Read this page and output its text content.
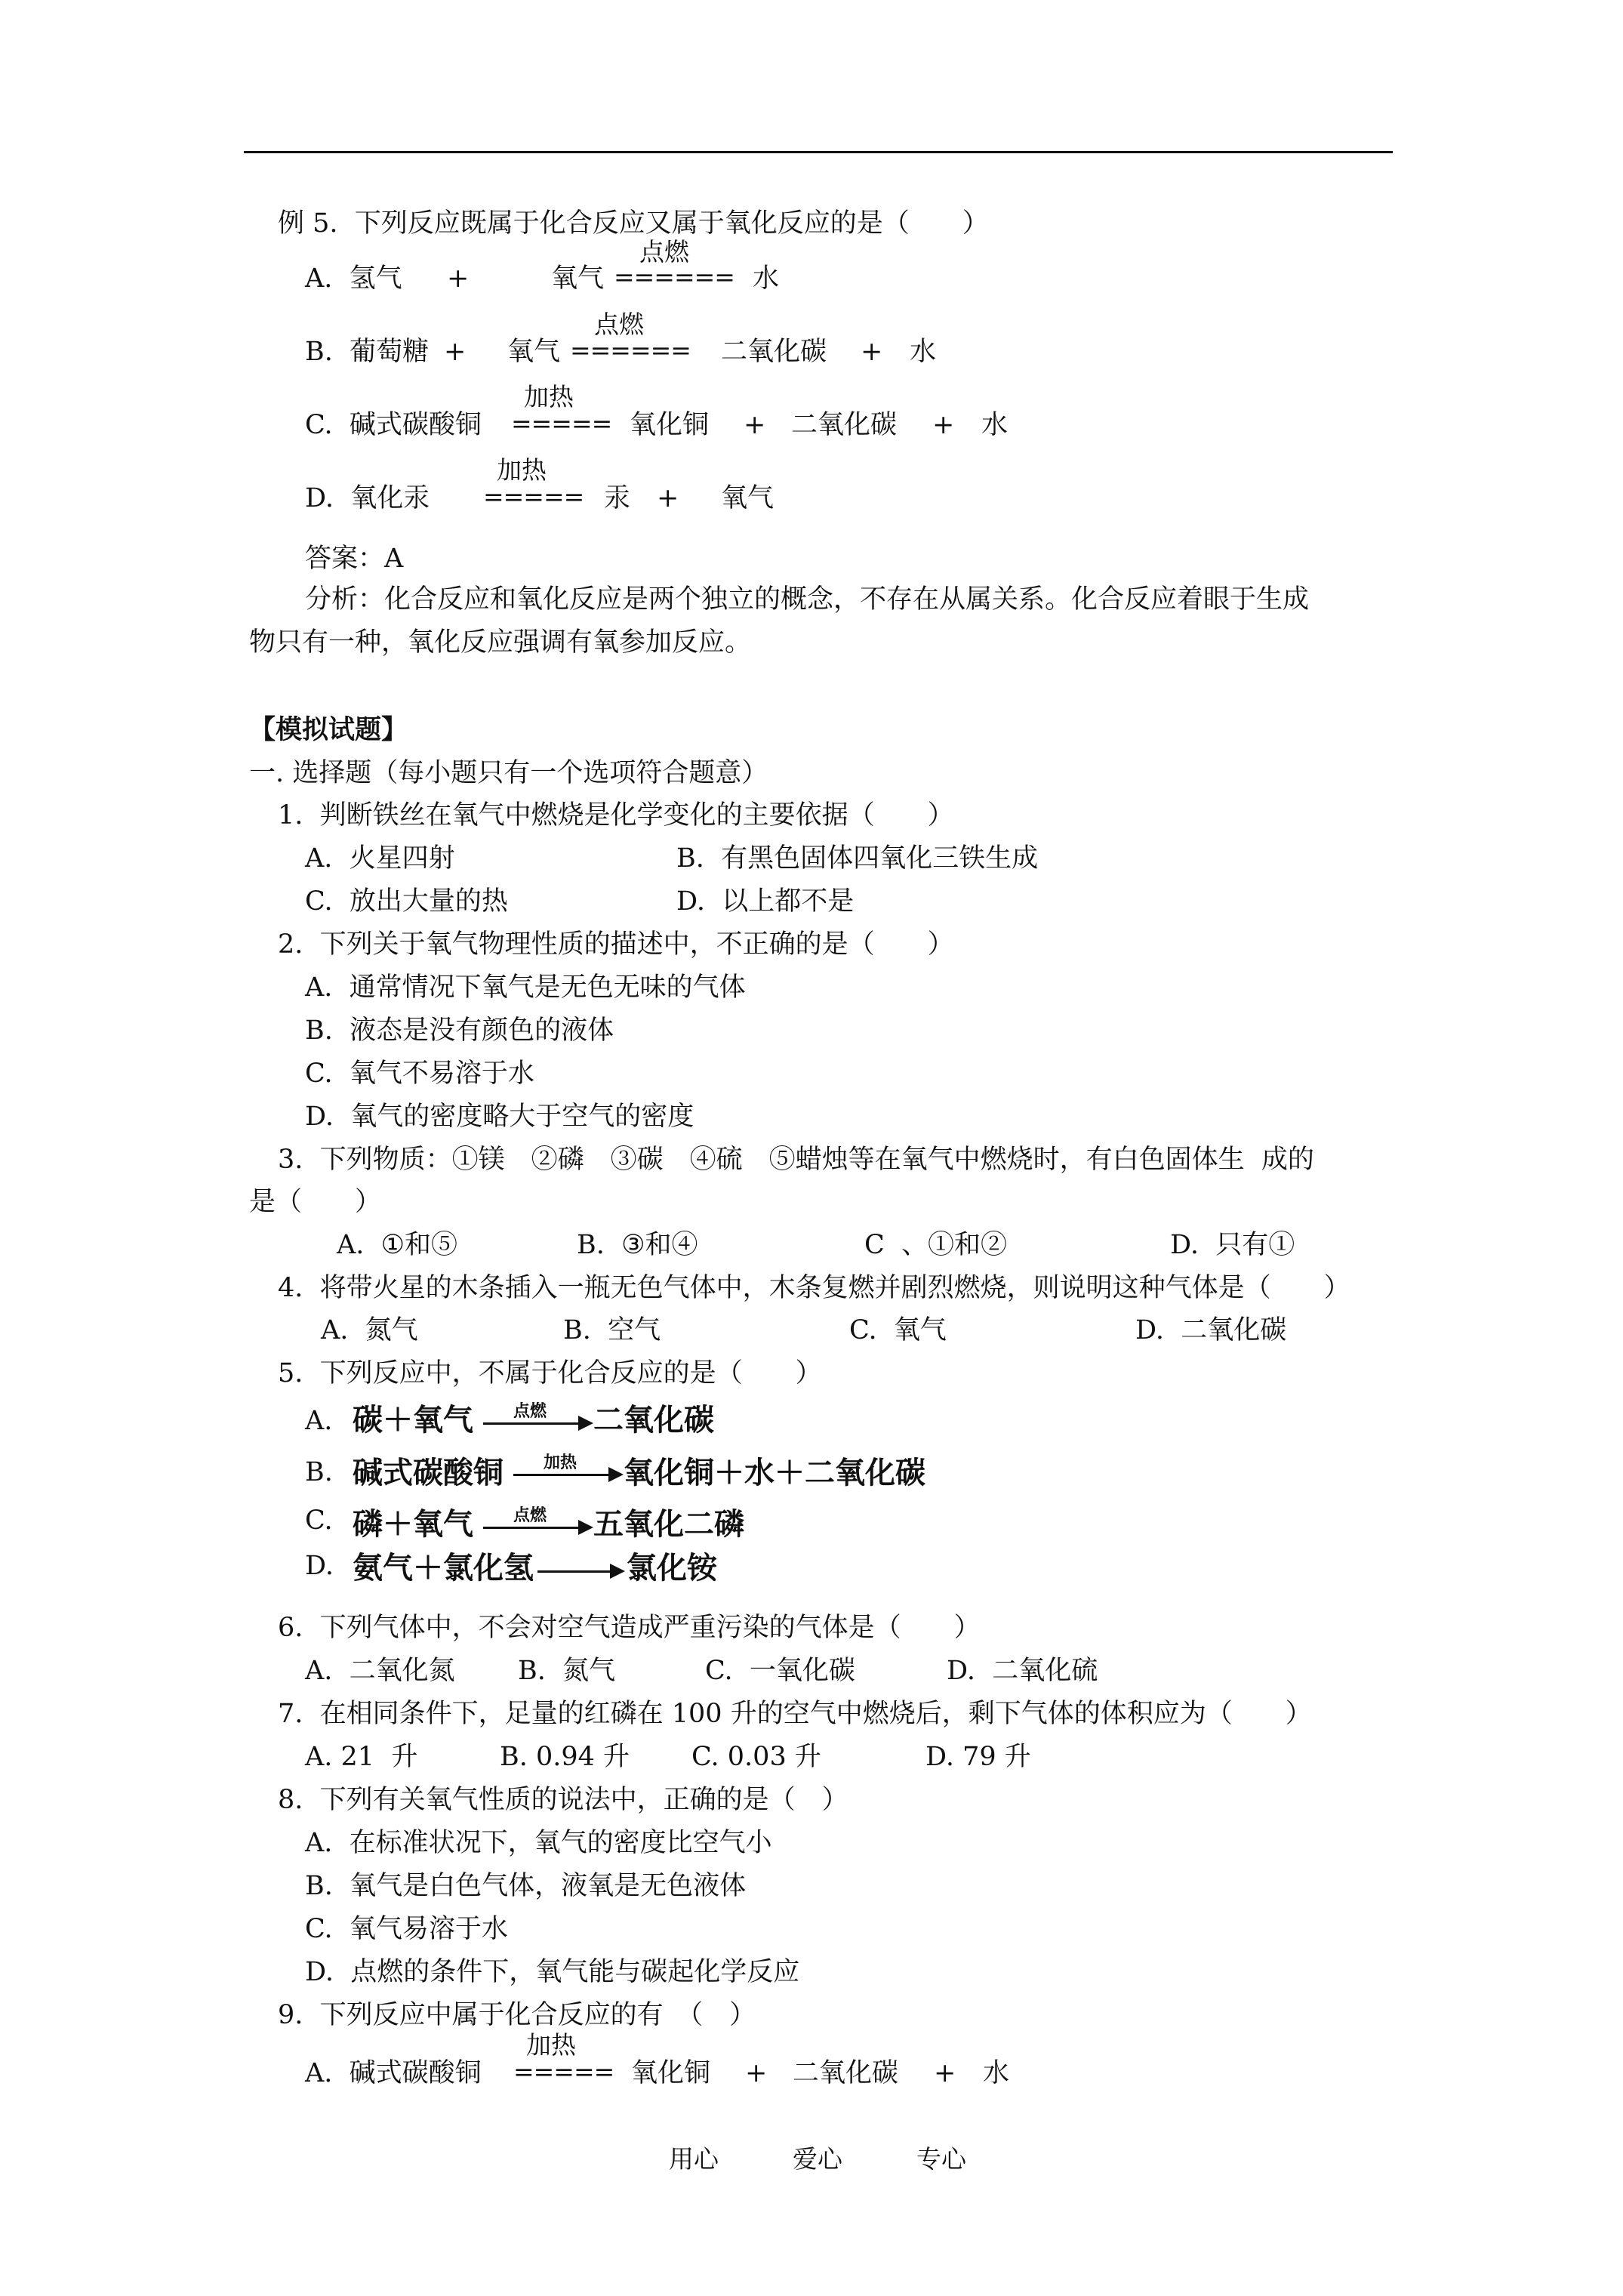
例 5.  下列反应既属于化合反应又属于氧化反应的是（　　）
A.  氢气 +	氧气
点燃
====== 水
B.  葡萄糖 + 氧气
点燃
====== 二氧化碳 + 水
C.  碱式碳酸铜
加热
===== 氧化铜 + 二氧化碳 + 水
D.  氧化汞
加热
===== 汞 + 氧气
答案：A
分析：化合反应和氧化反应是两个独立的概念，不存在从属关系。化合反应着眼于生成
物只有一种，氧化反应强调有氧参加反应。
【模拟试题】
一. 选择题（每小题只有一个选项符合题意）
1.  判断铁丝在氧气中燃烧是化学变化的主要依据（　　）
A.  火星四射	B.  有黑色固体四氧化三铁生成
C.  放出大量的热	D.  以上都不是
2.  下列关于氧气物理性质的描述中，不正确的是（　　）
A.  通常情况下氧气是无色无味的气体
B.  液态是没有颜色的液体
C.  氧气不易溶于水
D.  氧气的密度略大于空气的密度
3.  下列物质：①镁　②磷　③碳　④硫　⑤蜡烛等在氧气中燃烧时，有白色固体生  成的
是（　　）
A.  ①和⑤	B.  ③和④	C  、①和②	D.  只有①
4.  将带火星的木条插入一瓶无色气体中，木条复燃并剧烈燃烧，则说明这种气体是（　　）
A.  氮气	B.  空气	C.  氧气	D.  二氧化碳
5.  下列反应中，不属于化合反应的是（　　）
A. 碳＋氧气	点燃	二氧化碳
B. 碱式碳酸铜	加热	氧化铜＋水＋二氧化碳
C. 磷＋氧气	点燃	五氧化二磷
D. 氨气＋氯化氢	氯化铵
6.  下列气体中，不会对空气造成严重污染的气体是（　　）
A.  二氧化氮 B.  氮气	C.  一氧化碳	D.  二氧化硫
7.  在相同条件下，足量的红磷在 100 升的空气中燃烧后，剩下气体的体积应为（　　）
A. 21  升	B. 0.94 升 C. 0.03 升	D. 79 升
8.  下列有关氧气性质的说法中，正确的是（　）
A.  在标准状况下，氧气的密度比空气小
B.  氧气是白色气体，液氧是无色液体
C.  氧气易溶于水
D.  点燃的条件下，氧气能与碳起化学反应
9.  下列反应中属于化合反应的有　（　）
A.  碱式碳酸铜
加热
===== 氧化铜 + 二氧化碳 + 水
用心	爱心	专心
